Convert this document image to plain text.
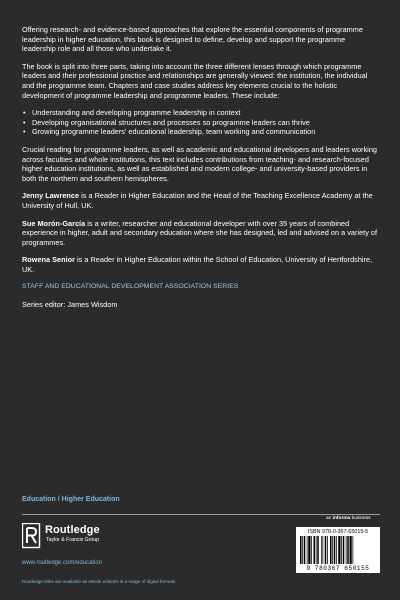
Offering research- and evidence-based approaches that explore the essential components of programme leadership in higher education, this book is designed to define, develop and support the programme leadership role and all those who undertake it.

The book is split into three parts, taking into account the three different lenses through which programme leaders and their professional practice and relationships are generally viewed: the institution, the individual and the programme team. Chapters and case studies address key elements crucial to the holistic development of programme leadership and programme leaders. These include:

• Understanding and developing programme leadership in context
• Developing organisational structures and processes so programme leaders can thrive
• Growing programme leaders' educational leadership, team working and communication

Crucial reading for programme leaders, as well as academic and educational developers and leaders working across faculties and whole institutions, this text includes contributions from teaching- and research-focused higher education institutions, as well as established and modern college- and university-based providers in both the northern and southern hemispheres.

Jenny Lawrence is a Reader in Higher Education and the Head of the Teaching Excellence Academy at the University of Hull, UK.

Sue Morón-García is a writer, researcher and educational developer with over 35 years of combined experience in higher, adult and secondary education where she has designed, led and advised on a variety of programmes.

Rowena Senior is a Reader in Higher Education within the School of Education, University of Hertfordshire, UK.

STAFF AND EDUCATIONAL DEVELOPMENT ASSOCIATION SERIES

Series editor: James Wisdom

Education / Higher Education
an informa business
Routledge
Taylor & Francis Group
www.routledge.com/education
ISBN 978-0-367-65015-5
9 780367 650155
Routledge titles are available as eBook editions in a range of digital formats
